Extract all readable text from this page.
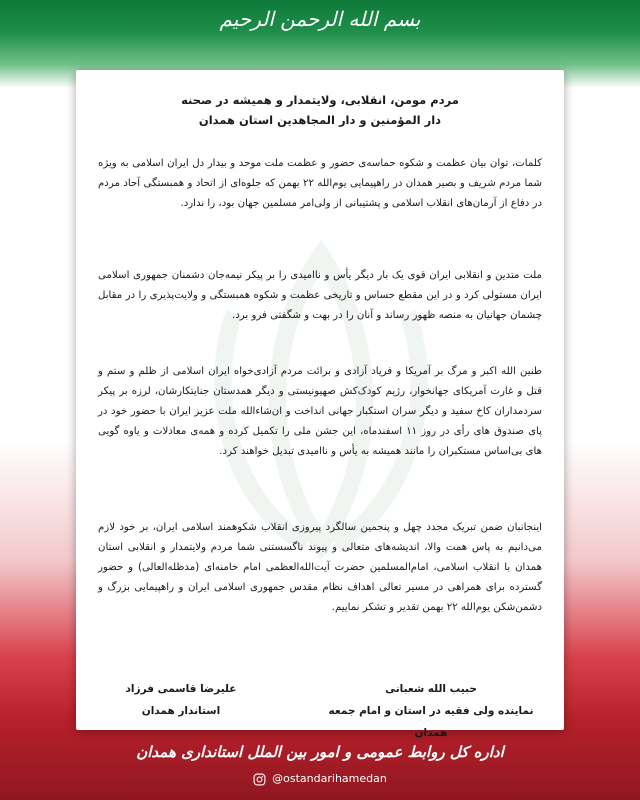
بسم الله الرحمن الرحیم

مردم مومن، انقلابی، ولایتمدار و همیشه در صحنه

دار المؤمنین و دار المجاهدین استان همدان

کلمات، توان بیان عظمت و شکوه حماسه‌ی حضور و عظمت ملت موحد و بیدار دل ایران اسلامی به ویژه شما مردم شریف و بصیر همدان در راهپیمایی یوم‌الله ۲۲ بهمن که جلوه‌ای از اتحاد و همبستگی آحاد مردم در دفاع از آرمان‌های انقلاب اسلامی و پشتیبانی از ولی‌امر مسلمین جهان بود، را ندارد.

ملت متدین و انقلابی ایران قوی یک بار دیگر یأس و ناامیدی را بر پیکر نیمه‌جان دشمنان جمهوری اسلامی ایران مستولی کرد و در این مقطع حساس و تاریخی عظمت و شکوه همبستگی و ولایت‌پذیری را در مقابل چشمان جهانیان به منصه ظهور رساند و آنان را در بهت و شگفتی فرو برد.

طنین الله اکبر و مرگ بر آمریکا و فریاد آزادی و برائت مردم آزادی‌خواه ایران اسلامی از ظلم و ستم و قتل و غارت آمریکای جهانخوار، رژیم کودک‌کش صهیونیستی و دیگر همدستان جنایتکارشان، لرزه بر پیکر سردمداران کاخ سفید و دیگر سران استکبار جهانی انداخت و ان‌شاءالله ملت عزیز ایران با حضور خود در پای صندوق های رأی در روز ۱۱ اسفندماه، این جشن ملی را تکمیل کرده و همه‌ی معادلات و یاوه گویی های بی‌اساس مستکبران را مانند همیشه به یأس و ناامیدی تبدیل خواهند کرد.

اینجانبان ضمن تبریک مجدد چهل و پنجمین سالگرد پیروزی انقلاب شکوهمند اسلامی ایران، بر خود لازم می‌دانیم به پاس همت والا، اندیشه‌های متعالی و پیوند ناگسستنی شما مردم ولایتمدار و انقلابی استان همدان با انقلاب اسلامی، امام‌المسلمین حضرت آیت‌الله‌العظمی امام خامنه‌ای (مدظله‌العالی) و حضور گسترده برای همراهی در مسیر تعالی اهداف نظام مقدس جمهوری اسلامی ایران و راهپیمایی بزرگ و دشمن‌شکن یوم‌الله ۲۲ بهمن تقدیر و تشکر نماییم.

حبیب الله شعبانی
نماینده ولی فقیه در استان و امام جمعه همدان
علیرضا قاسمی فرزاد
استاندار همدان
اداره کل روابط عمومی و امور بین الملل استانداری همدان
@ostandarihamedan
